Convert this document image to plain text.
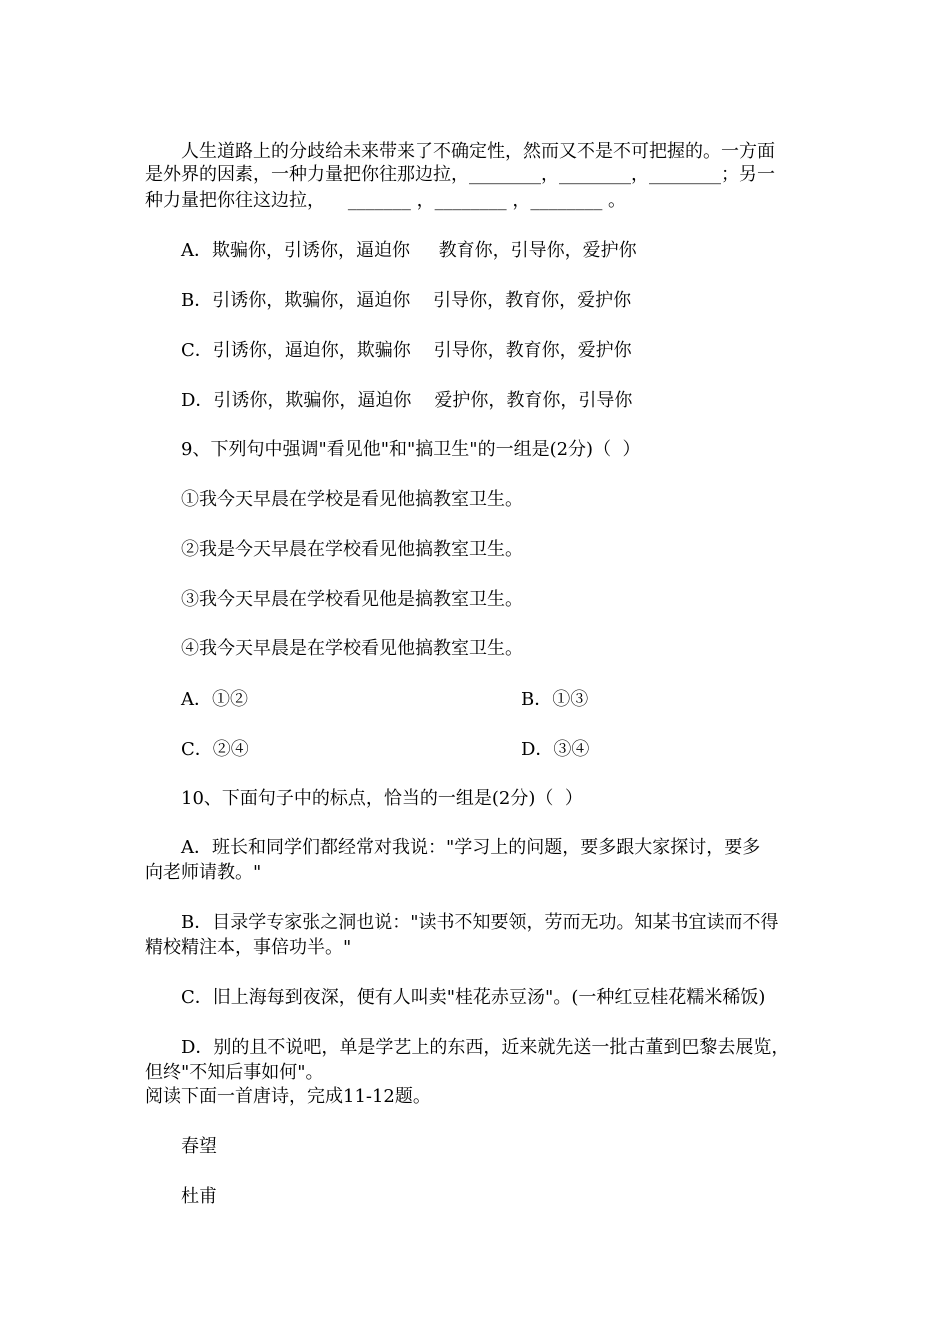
人生道路上的分歧给未来带来了不确定性，然而又不是不可把握的。一方面
是外界的因素，一种力量把你往那边拉，________，________，________；另一
种力量把你往这边拉，    _______ ，________ ，________ 。
A．欺骗你，引诱你，逼迫你     教育你，引导你，爱护你
B．引诱你，欺骗你，逼迫你    引导你，教育你，爱护你
C．引诱你，逼迫你，欺骗你    引导你，教育你，爱护你
D．引诱你，欺骗你，逼迫你    爱护你，教育你，引导你
9、下列句中强调"看见他"和"搞卫生"的一组是(2分)（  ）
①我今天早晨在学校是看见他搞教室卫生。
②我是今天早晨在学校看见他搞教室卫生。
③我今天早晨在学校看见他是搞教室卫生。
④我今天早晨是在学校看见他搞教室卫生。
A．①②	B．①③
C．②④	D．③④
10、下面句子中的标点，恰当的一组是(2分)（  ）
A．班长和同学们都经常对我说："学习上的问题，要多跟大家探讨，要多
向老师请教。"
B．目录学专家张之洞也说："读书不知要领，劳而无功。知某书宜读而不得
精校精注本，事倍功半。"
C．旧上海每到夜深，便有人叫卖"桂花赤豆汤"。(一种红豆桂花糯米稀饭)
D．别的且不说吧，单是学艺上的东西，近来就先送一批古董到巴黎去展览，
但终"不知后事如何"。
阅读下面一首唐诗，完成11-12题。
春望
杜甫
